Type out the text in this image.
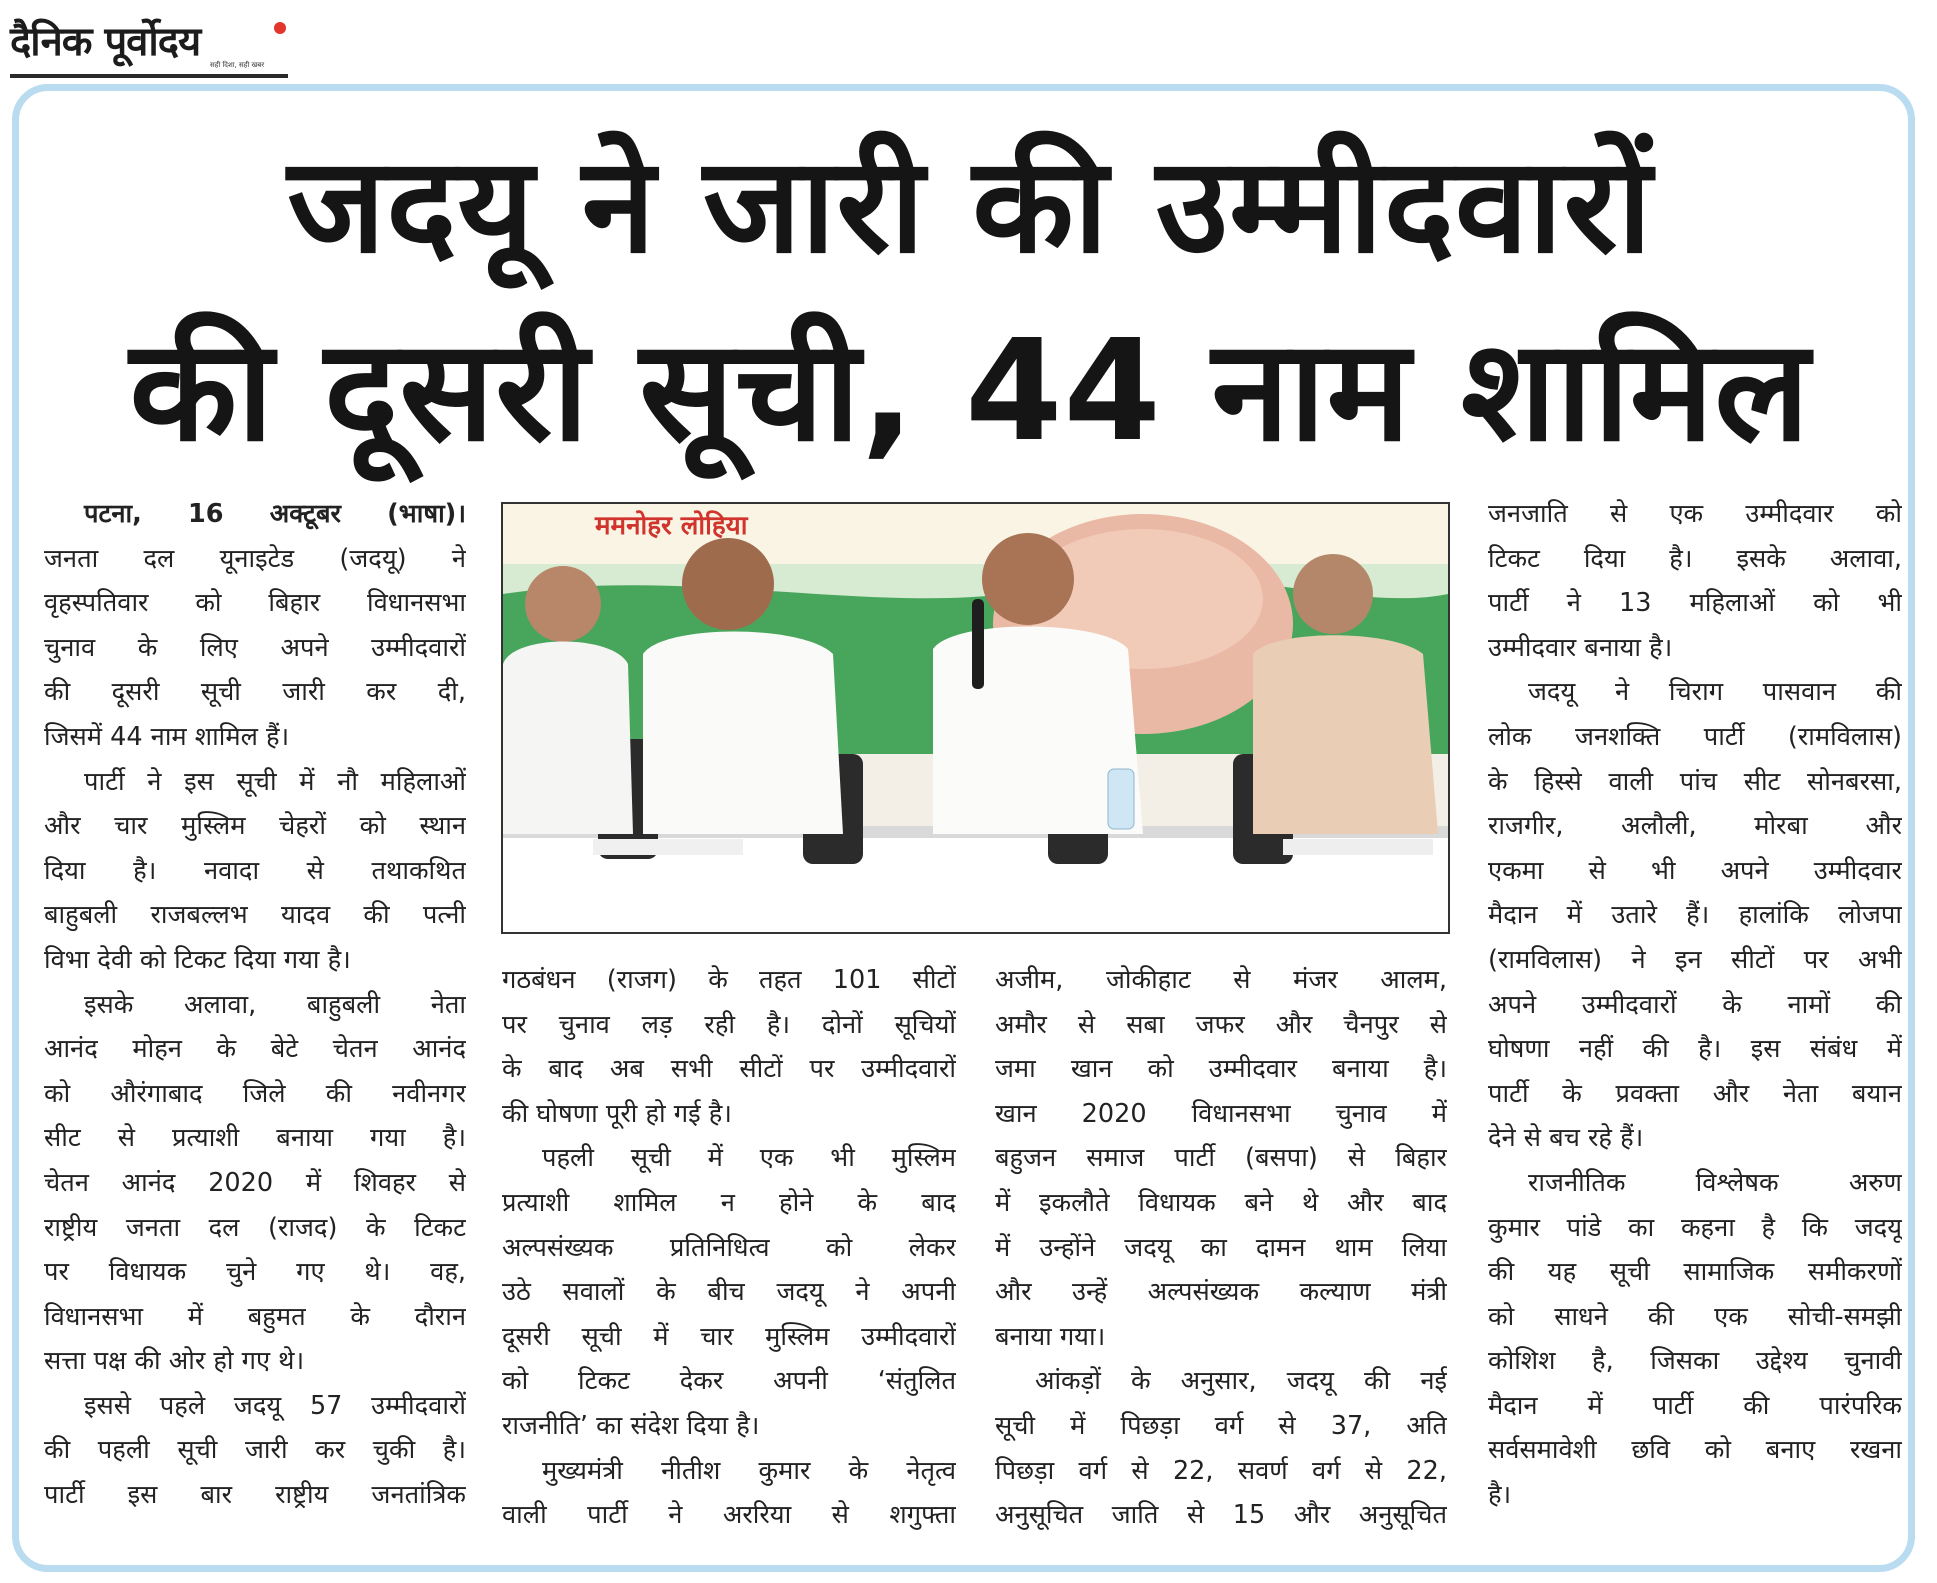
दैनिक पूर्वोदय सही दिशा, सही खबर
जदयू ने जारी की उम्मीदवारों
की दूसरी सूची, 44 नाम शामिल

पटना, 16 अक्टूबर (भाषा)।

जनता दल यूनाइटेड (जदयू) ने
वृहस्पतिवार को बिहार विधानसभा
चुनाव के लिए अपने उम्मीदवारों
की दूसरी सूची जारी कर दी,
जिसमें 44 नाम शामिल हैं।

पार्टी ने इस सूची में नौ महिलाओं
और चार मुस्लिम चेहरों को स्थान
दिया है। नवादा से तथाकथित
बाहुबली राजबल्लभ यादव की पत्नी
विभा देवी को टिकट दिया गया है।

इसके अलावा, बाहुबली नेता
आनंद मोहन के बेटे चेतन आनंद
को औरंगाबाद जिले की नवीनगर
सीट से प्रत्याशी बनाया गया है।
चेतन आनंद 2020 में शिवहर से
राष्ट्रीय जनता दल (राजद) के टिकट
पर विधायक चुने गए थे। वह,
विधानसभा में बहुमत के दौरान
सत्ता पक्ष की ओर हो गए थे।

इससे पहले जदयू 57 उम्मीदवारों
की पहली सूची जारी कर चुकी है।
पार्टी इस बार राष्ट्रीय जनतांत्रिक

ममनोहर लोहिया

गठबंधन (राजग) के तहत 101 सीटों
पर चुनाव लड़ रही है। दोनों सूचियों
के बाद अब सभी सीटों पर उम्मीदवारों
की घोषणा पूरी हो गई है।

पहली सूची में एक भी मुस्लिम
प्रत्याशी शामिल न होने के बाद
अल्पसंख्यक प्रतिनिधित्व को लेकर
उठे सवालों के बीच जदयू ने अपनी
दूसरी सूची में चार मुस्लिम उम्मीदवारों
को टिकट देकर अपनी ‘संतुलित
राजनीति’ का संदेश दिया है।

मुख्यमंत्री नीतीश कुमार के नेतृत्व
वाली पार्टी ने अररिया से शगुफ्ता

अजीम, जोकीहाट से मंजर आलम,
अमौर से सबा जफर और चैनपुर से
जमा खान को उम्मीदवार बनाया है।
खान 2020 विधानसभा चुनाव में
बहुजन समाज पार्टी (बसपा) से बिहार
में इकलौते विधायक बने थे और बाद
में उन्होंने जदयू का दामन थाम लिया
और उन्हें अल्पसंख्यक कल्याण मंत्री
बनाया गया।

आंकड़ों के अनुसार, जदयू की नई
सूची में पिछड़ा वर्ग से 37, अति
पिछड़ा वर्ग से 22, सवर्ण वर्ग से 22,
अनुसूचित जाति से 15 और अनुसूचित

जनजाति से एक उम्मीदवार को
टिकट दिया है। इसके अलावा,
पार्टी ने 13 महिलाओं को भी
उम्मीदवार बनाया है।

जदयू ने चिराग पासवान की
लोक जनशक्ति पार्टी (रामविलास)
के हिस्से वाली पांच सीट सोनबरसा,
राजगीर, अलौली, मोरबा और
एकमा से भी अपने उम्मीदवार
मैदान में उतारे हैं। हालांकि लोजपा
(रामविलास) ने इन सीटों पर अभी
अपने उम्मीदवारों के नामों की
घोषणा नहीं की है। इस संबंध में
पार्टी के प्रवक्ता और नेता बयान
देने से बच रहे हैं।

राजनीतिक विश्लेषक अरुण
कुमार पांडे का कहना है कि जदयू
की यह सूची सामाजिक समीकरणों
को साधने की एक सोची-समझी
कोशिश है, जिसका उद्देश्य चुनावी
मैदान में पार्टी की पारंपरिक
सर्वसमावेशी छवि को बनाए रखना
है।
